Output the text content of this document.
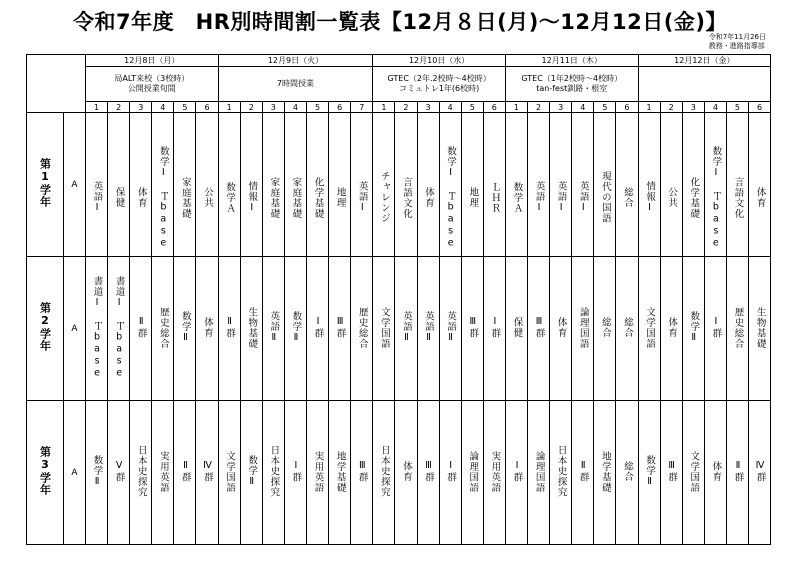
令和7年度　HR別時間割一覧表【12月８日(月)～12月12日(金)】
令和7年11月26日
教務・進路指導部
		12月8日（月）						12月9日（火）							12月10日（水）						12月11日（木）						12月12日（金）					
		局ALT来校（3校時）
公開授業旬間						7時間授業							GTEC（2年.2校時～4校時）
コミュトレ1年(6校時)						GTEC（1年2校時～4校時）
tan-fest釧路・根室											
		1	2	3	4	5	6	1	2	3	4	5	6	7	1	2	3	4	5	6	1	2	3	4	5	6	1	2	3	4	5	6
第1学年	A	英語Ⅰ	保健	体育	数学Ⅰ Ｔbase	家庭基礎	公共	数学Ａ	情報Ⅰ	家庭基礎	家庭基礎	化学基礎	地理	英語Ⅰ	チャレンジ	言語文化	体育	数学Ⅰ Ｔbase	地理	ＬＨＲ	数学Ａ	英語Ⅰ	英語Ⅰ	英語Ⅰ	現代の国語	総合	情報Ⅰ	公共	化学基礎	数学Ⅰ Ｔbase	言語文化	体育
第2学年	A	書道Ⅰ Ｔbase	書道Ⅰ Ｔbase	Ⅱ群	歴史総合	数学Ⅱ	体育	Ⅱ群	生物基礎	英語Ⅱ	数学Ⅱ	Ⅰ群	Ⅲ群	歴史総合	文学国語	英語Ⅱ	英語Ⅱ	英語Ⅱ	Ⅲ群	Ⅰ群	保健	Ⅲ群	体育	論理国語	総合	総合	文学国語	体育	数学Ⅱ	Ⅰ群	歴史総合	生物基礎
第3学年	A	数学Ⅱ	Ⅴ群	日本史探究	実用英語	Ⅱ群	Ⅳ群	文学国語	数学Ⅱ	日本史探究	Ⅰ群	実用英語	地学基礎	Ⅲ群	日本史探究	体育	Ⅲ群	Ⅰ群	論理国語	実用英語	Ⅰ群	論理国語	日本史探究	Ⅱ群	地学基礎	総合	数学Ⅱ	Ⅲ群	文学国語	体育	Ⅱ群	Ⅳ群
